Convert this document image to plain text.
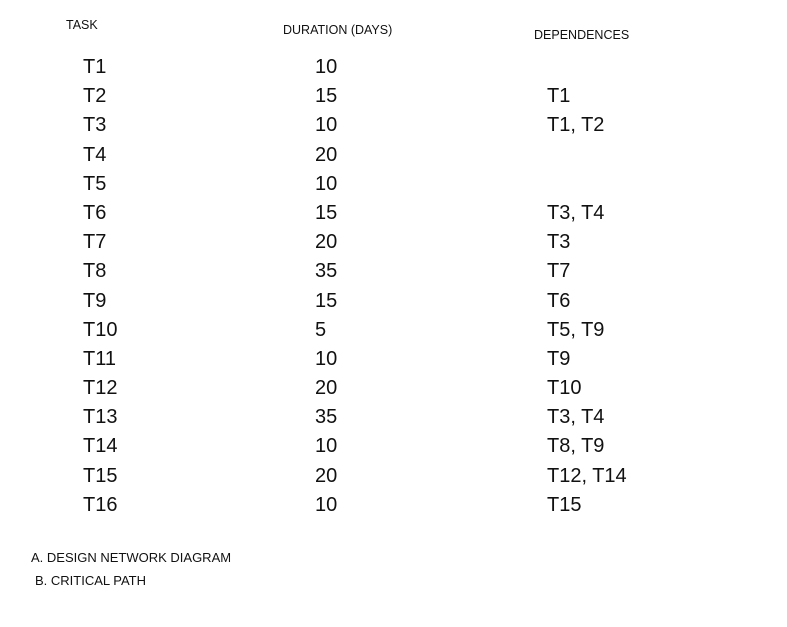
TASK	DURATION (DAYS)	DEPENDENCES
T1	10
T2	15	T1
T3	10	T1, T2
T4	20
T5	10
T6	15	T3, T4
T7	20	T3
T8	35	T7
T9	15	T6
T10	5	T5, T9
T11	10	T9
T12	20	T10
T13	35	T3, T4
T14	10	T8, T9
T15	20	T12, T14
T16	10	T15
A. DESIGN NETWORK DIAGRAM
B. CRITICAL PATH
